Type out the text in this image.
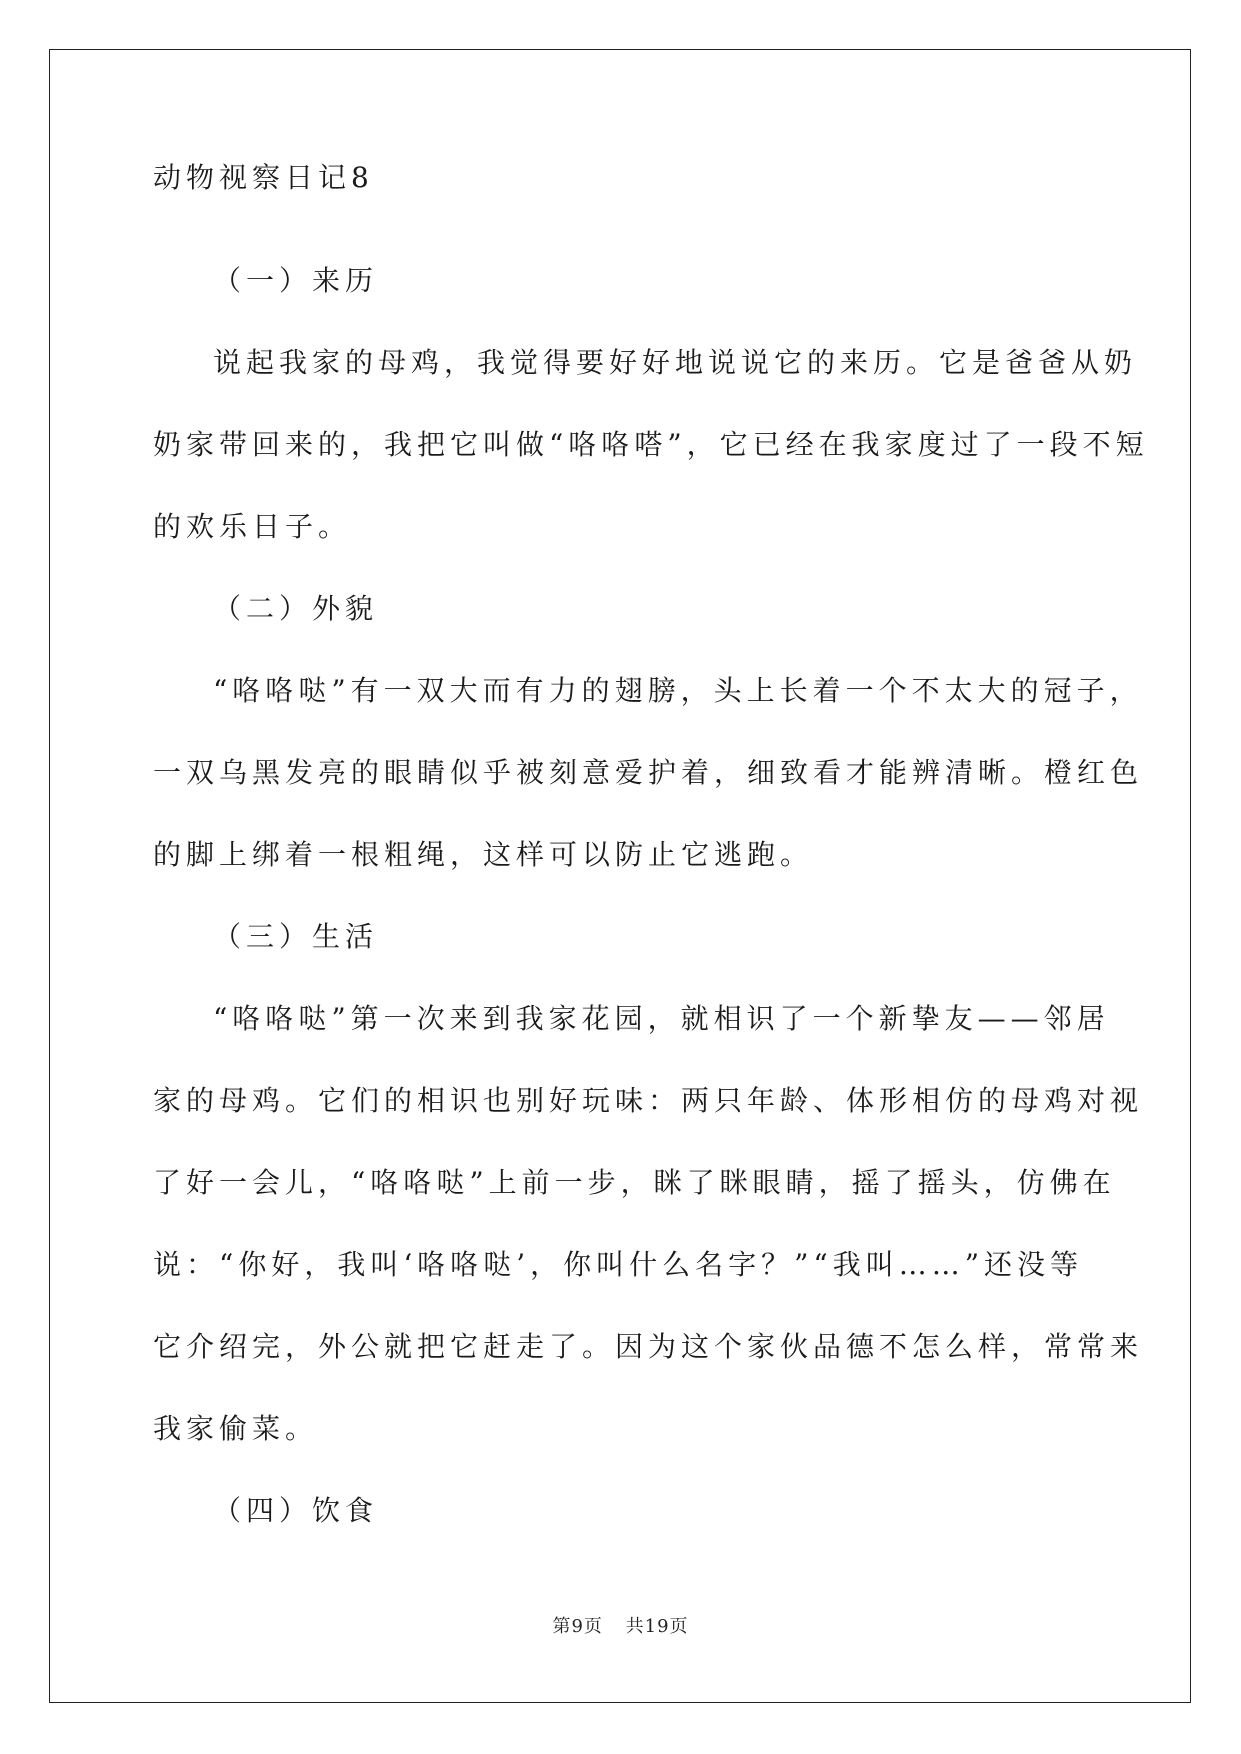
动物视察日记8
（一）来历
说起我家的母鸡，我觉得要好好地说说它的来历。它是爸爸从奶
奶家带回来的，我把它叫做“咯咯嗒”，它已经在我家度过了一段不短
的欢乐日子。
（二）外貌
“咯咯哒”有一双大而有力的翅膀，头上长着一个不太大的冠子，
一双乌黑发亮的眼睛似乎被刻意爱护着，细致看才能辨清晰。橙红色
的脚上绑着一根粗绳，这样可以防止它逃跑。
（三）生活
“咯咯哒”第一次来到我家花园，就相识了一个新挚友——邻居
家的母鸡。它们的相识也别好玩味：两只年龄、体形相仿的母鸡对视
了好一会儿，“咯咯哒”上前一步，眯了眯眼睛，摇了摇头，仿佛在
说：“你好，我叫‘咯咯哒’，你叫什么名字？”“我叫……”还没等
它介绍完，外公就把它赶走了。因为这个家伙品德不怎么样，常常来
我家偷菜。
（四）饮食
第9页 共19页
